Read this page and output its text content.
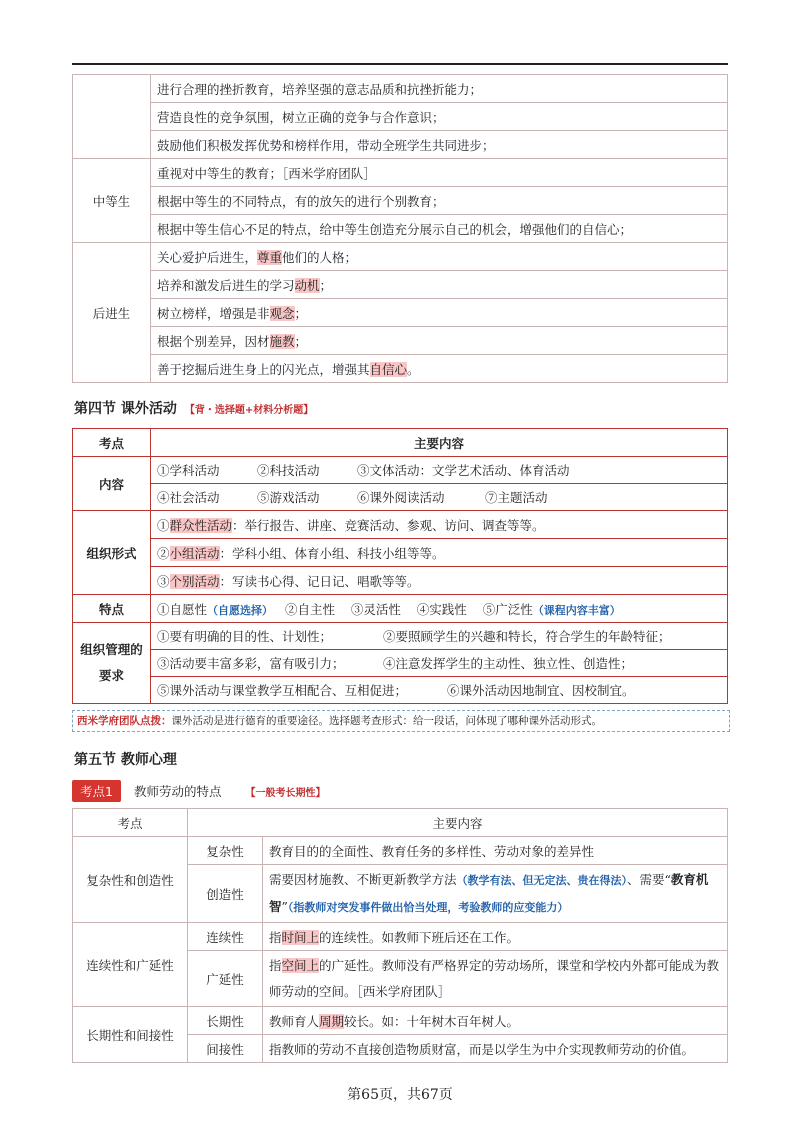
	进行合理的挫折教育，培养坚强的意志品质和抗挫折能力；
	营造良性的竞争氛围，树立正确的竞争与合作意识；
	鼓励他们积极发挥优势和榜样作用，带动全班学生共同进步；
中等生	重视对中等生的教育；［西米学府团队］
	根据中等生的不同特点，有的放矢的进行个别教育；
	根据中等生信心不足的特点，给中等生创造充分展示自己的机会，增强他们的自信心；
后进生	关心爱护后进生，尊重他们的人格；
	培养和激发后进生的学习动机；
	树立榜样，增强是非观念；
	根据个别差异，因材施教；
	善于挖掘后进生身上的闪光点，增强其自信心。
第四节 课外活动 【背・选择题+材料分析题】
考点	主要内容
内容	①学科活动 ②科技活动 ③文体活动：文学艺术活动、体育活动
	④社会活动 ⑤游戏活动 ⑥课外阅读活动 ⑦主题活动
组织形式	①群众性活动：举行报告、讲座、竞赛活动、参观、访问、调查等等。
	②小组活动：学科小组、体育小组、科技小组等等。
	③个别活动：写读书心得、记日记、唱歌等等。
特点	①自愿性（自愿选择） ②自主性 ③灵活性 ④实践性 ⑤广泛性（课程内容丰富）
组织管理的要求	①要有明确的目的性、计划性； ②要照顾学生的兴趣和特长，符合学生的年龄特征；
	③活动要丰富多彩，富有吸引力； ④注意发挥学生的主动性、独立性、创造性；
	⑤课外活动与课堂教学互相配合、互相促进； ⑥课外活动因地制宜、因校制宜。
西米学府团队点拨：课外活动是进行德育的重要途径。选择题考查形式：给一段话，问体现了哪种课外活动形式。
第五节 教师心理
考点1	教师劳动的特点 【一般考长期性】
考点	主要内容	
复杂性和创造性	复杂性	教育目的的全面性、教育任务的多样性、劳动对象的差异性
	创造性	需要因材施教、不断更新教学方法（教学有法、但无定法、贵在得法）、需要“教育机智”（指教师对突发事件做出恰当处理，考验教师的应变能力）
连续性和广延性	连续性	指时间上的连续性。如教师下班后还在工作。
	广延性	指空间上的广延性。教师没有严格界定的劳动场所，课堂和学校内外都可能成为教师劳动的空间。［西米学府团队］
长期性和间接性	长期性	教师育人周期较长。如：十年树木百年树人。
	间接性	指教师的劳动不直接创造物质财富，而是以学生为中介实现教师劳动的价值。
第65页，共67页
